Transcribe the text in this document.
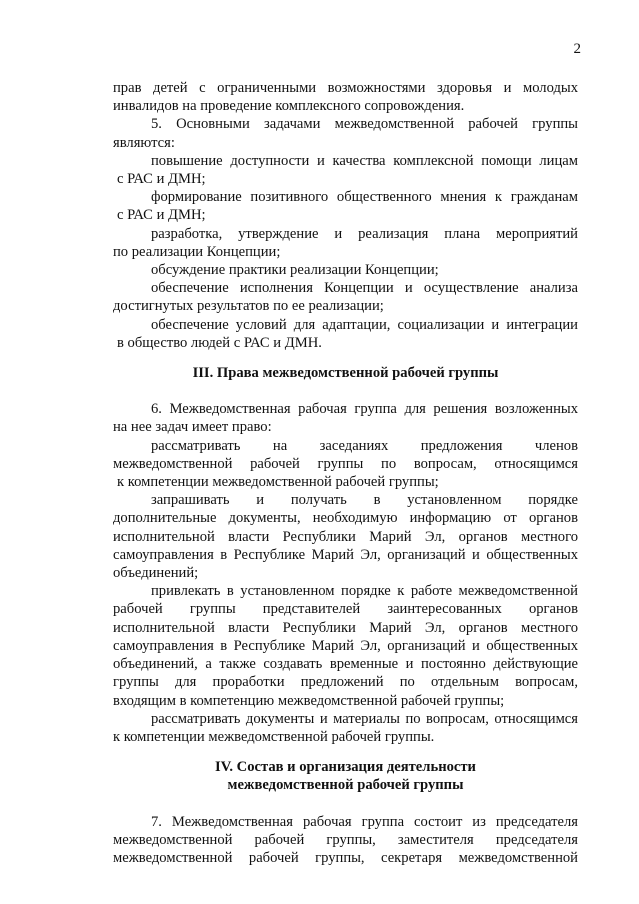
2
прав детей с ограниченными возможностями здоровья и молодых
инвалидов на проведение комплексного сопровождения.
5. Основными задачами межведомственной рабочей группы
являются:
повышение доступности и качества комплексной помощи лицам
с РАС и ДМН;
формирование позитивного общественного мнения к гражданам
с РАС и ДМН;
разработка, утверждение и реализация плана мероприятий
по реализации Концепции;
обсуждение практики реализации Концепции;
обеспечение исполнения Концепции и осуществление анализа
достигнутых результатов по ее реализации;
обеспечение условий для адаптации, социализации и интеграции
в общество людей с РАС и ДМН.
III. Права межведомственной рабочей группы
6. Межведомственная рабочая группа для решения возложенных
на нее задач имеет право:
рассматривать на заседаниях предложения членов
межведомственной рабочей группы по вопросам, относящимся
к компетенции межведомственной рабочей группы;
запрашивать и получать в установленном порядке
дополнительные документы, необходимую информацию от органов
исполнительной власти Республики Марий Эл, органов местного
самоуправления в Республике Марий Эл, организаций и общественных
объединений;
привлекать в установленном порядке к работе межведомственной
рабочей группы представителей заинтересованных органов
исполнительной власти Республики Марий Эл, органов местного
самоуправления в Республике Марий Эл, организаций и общественных
объединений, а также создавать временные и постоянно действующие
группы для проработки предложений по отдельным вопросам,
входящим в компетенцию межведомственной рабочей группы;
рассматривать документы и материалы по вопросам, относящимся
к компетенции межведомственной рабочей группы.
IV. Состав и организация деятельности
межведомственной рабочей группы
7. Межведомственная рабочая группа состоит из председателя
межведомственной рабочей группы, заместителя председателя
межведомственной рабочей группы, секретаря межведомственной
